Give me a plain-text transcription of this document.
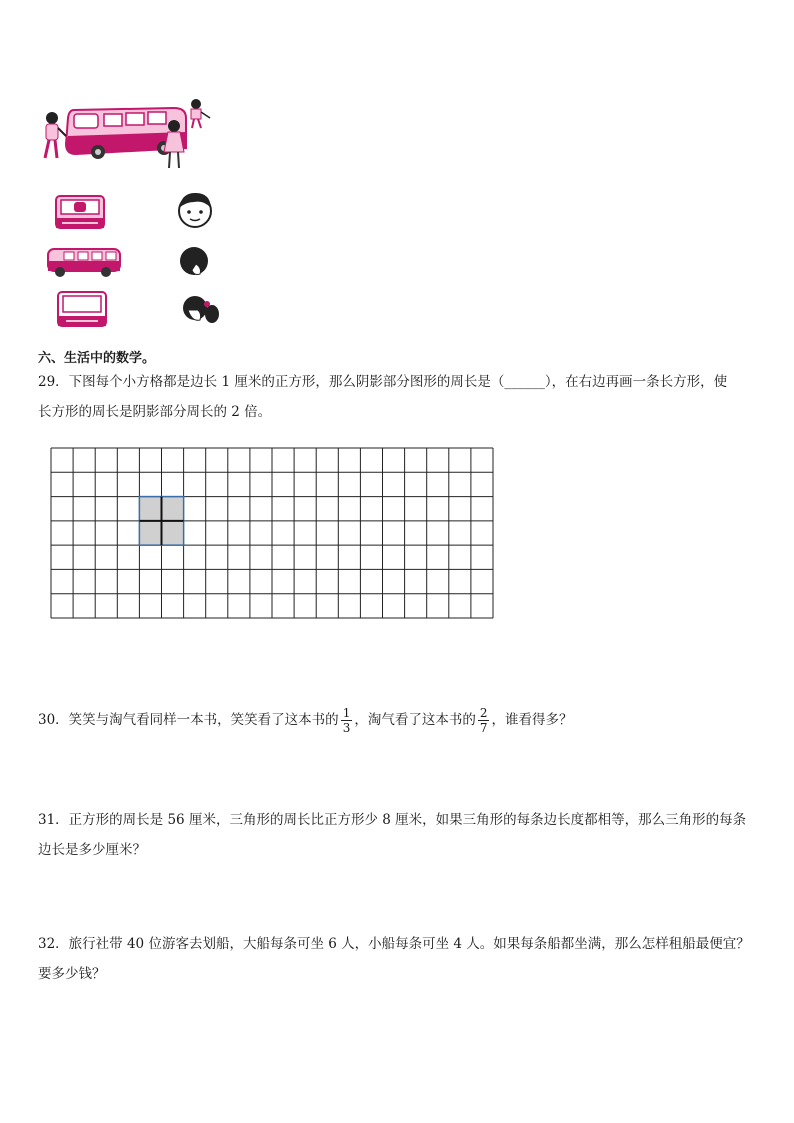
六、生活中的数学。
29．下图每个小方格都是边长 1 厘米的正方形，那么阴影部分图形的周长是（______），在右边再画一条长方形，使
长方形的周长是阴影部分周长的 2 倍。
30．笑笑与淘气看同样一本书，笑笑看了这本书的 $\frac{1}{3}$ ，淘气看了这本书的 $\frac{2}{7}$ ，谁看得多？
31．正方形的周长是 56 厘米，三角形的周长比正方形少 8 厘米，如果三角形的每条边长度都相等，那么三角形的每条
边长是多少厘米？
32．旅行社带 40 位游客去划船，大船每条可坐 6 人，小船每条可坐 4 人。如果每条船都坐满，那么怎样租船最便宜？
要多少钱？
